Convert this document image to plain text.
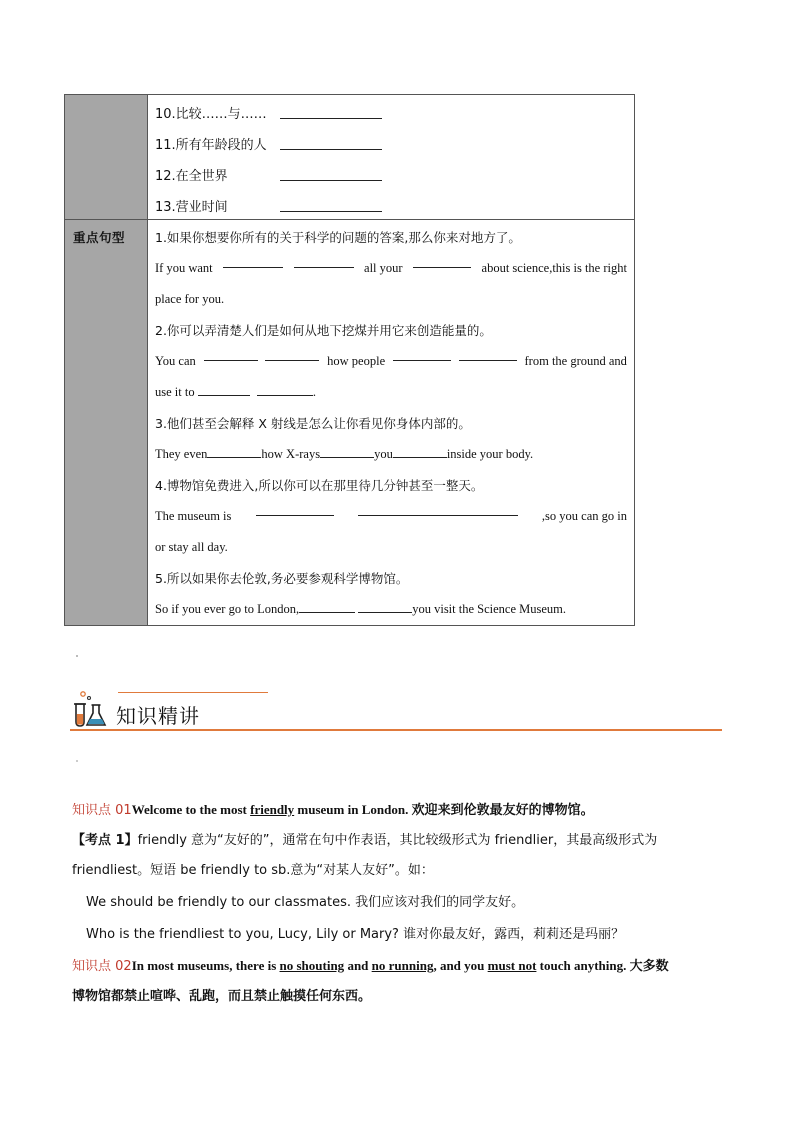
10.比较……与……
11.所有年龄段的人
12.在全世界
13.营业时间
重点句型 1.如果你想要你所有的关于科学的问题的答案,那么你来对地方了。
If you want	all your	about science,this is the right
place for you.
2.你可以弄清楚人们是如何从地下挖煤并用它来创造能量的。
You can	how people	from the ground and
use it to	.
3.他们甚至会解释 X 射线是怎么让你看见你身体内部的。
They even	how X-rays	you	inside your body.
4.博物馆免费进入,所以你可以在那里待几分钟甚至一整天。
The museum is	,so you can go in
or stay all day.
5.所以如果你去伦敦,务必要参观科学博物馆。
So if you ever go to London,	you visit the Science Museum.
知识精讲
知识点 01Welcome to the most friendly museum in London. 欢迎来到伦敦最友好的博物馆。
【考点 1】friendly 意为“友好的”，通常在句中作表语，其比较级形式为 friendlier，其最高级形式为
friendliest。短语 be friendly to sb.意为“对某人友好”。如：
We should be friendly to our classmates. 我们应该对我们的同学友好。
Who is the friendliest to you, Lucy, Lily or Mary? 谁对你最友好，露西，莉莉还是玛丽？
知识点 02In most museums, there is no shouting and no running, and you must not touch anything. 大多数
博物馆都禁止喧哗、乱跑，而且禁止触摸任何东西。
